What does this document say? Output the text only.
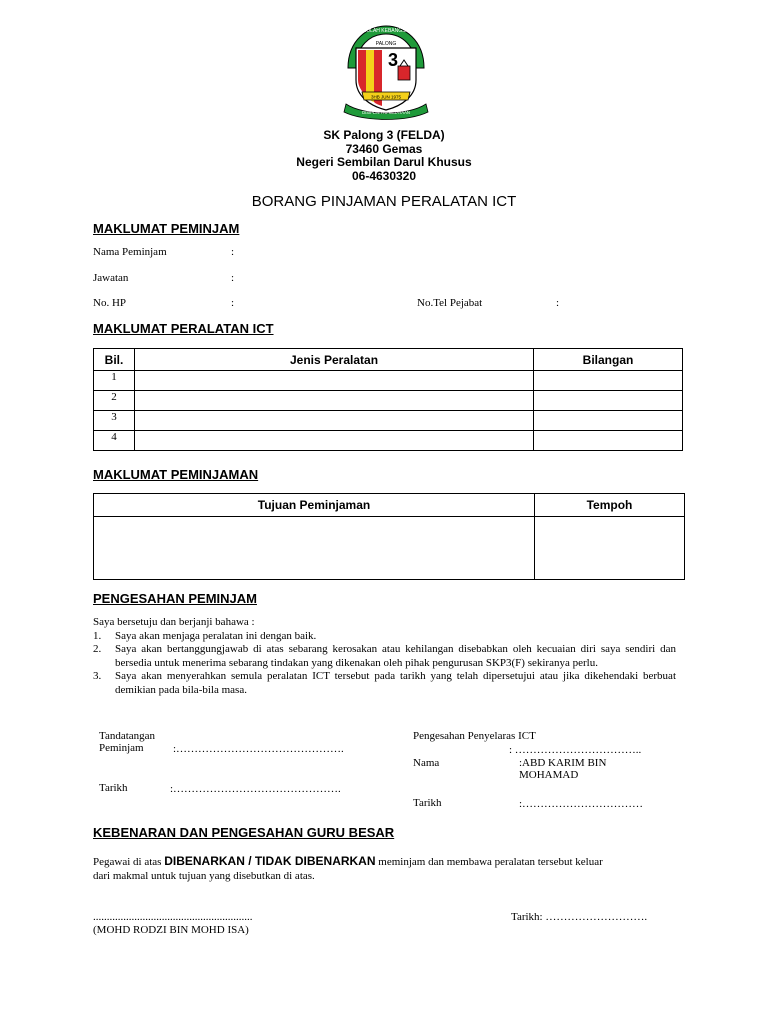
3
3HB JUN 1975
DISIPLIN ITU KEJAYAAN
SEKOLAH KEBANGSAAN
PALONG
SK Palong 3 (FELDA)
73460 Gemas
Negeri Sembilan Darul Khusus
06-4630320
BORANG PINJAMAN PERALATAN ICT
MAKLUMAT PEMINJAM
Nama Peminjam	:
Jawatan	:
No. HP	:	No.Tel Pejabat	:
MAKLUMAT PERALATAN ICT
Bil.	Jenis Peralatan	Bilangan
1		
2		
3		
4		
MAKLUMAT PEMINJAMAN
Tujuan Peminjaman	Tempoh

PENGESAHAN PEMINJAM
Saya bersetuju dan berjanji bahawa :
1. Saya akan menjaga peralatan ini dengan baik.
2. Saya akan bertanggungjawab di atas sebarang kerosakan atau kehilangan disebabkan oleh kecuaian diri saya sendiri dan bersedia untuk menerima sebarang tindakan yang dikenakan oleh pihak pengurusan SKP3(F) sekiranya perlu.
3. Saya akan menyerahkan semula peralatan ICT tersebut pada tarikh yang telah dipersetujui atau jika dikehendaki berbuat demikian pada bila-bila masa.
Tandatangan
Peminjam	:……………………………………….
Tarikh	:……………………………………….
Pengesahan Penyelaras ICT
: ……………………………..
Nama	:ABD KARIM BIN
MOHAMAD
Tarikh	:……………………………
KEBENARAN DAN PENGESAHAN GURU BESAR
Pegawai di atas DIBENARKAN / TIDAK DIBENARKAN meminjam dan membawa peralatan tersebut keluar
dari makmal untuk tujuan yang disebutkan di atas.
..........................................................
(MOHD RODZI BIN MOHD ISA)
Tarikh: ……………………….
